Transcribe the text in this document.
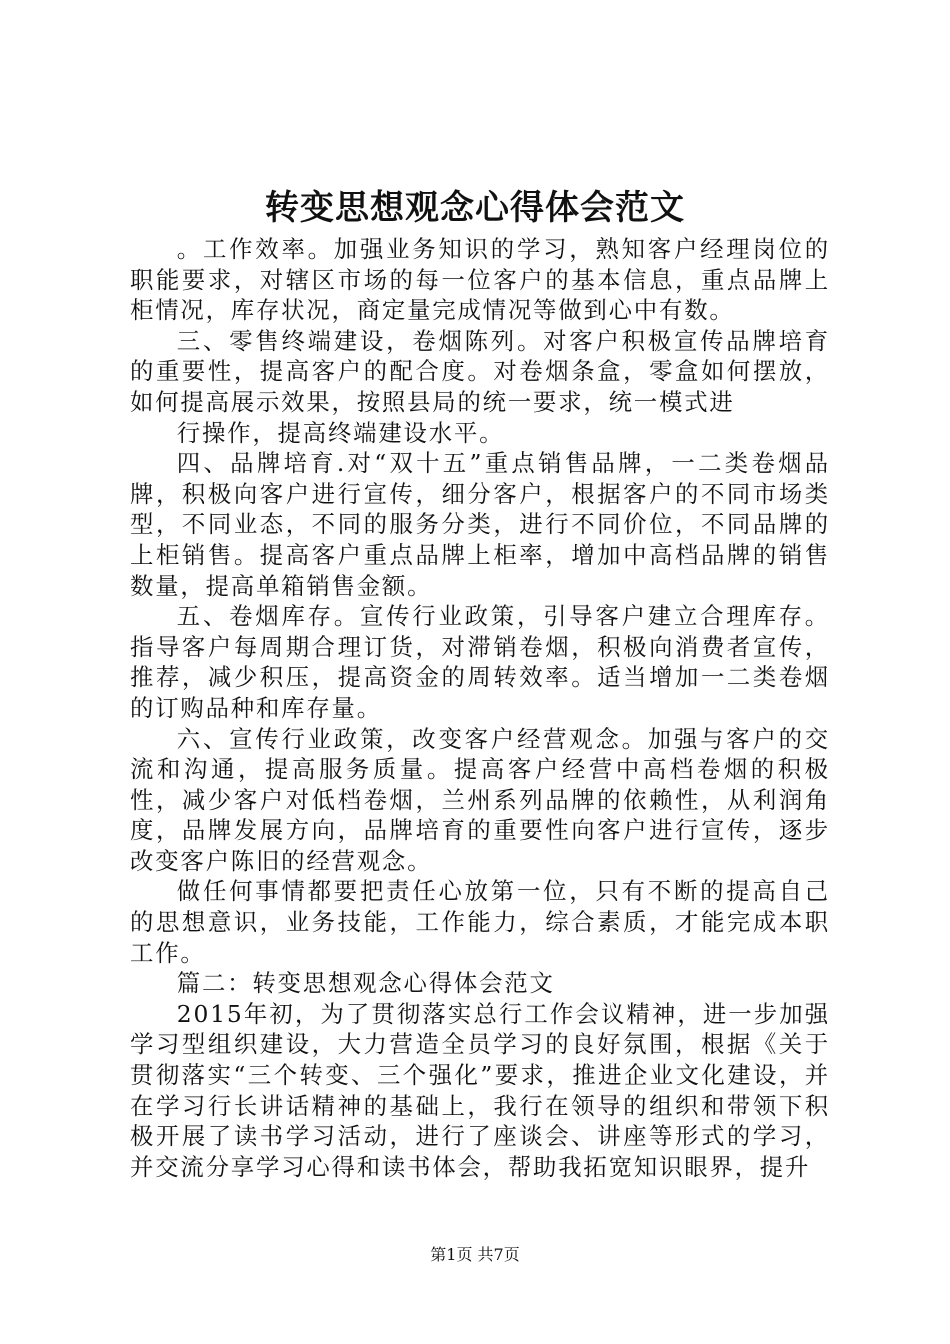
转变思想观念心得体会范文

。工作效率。加强业务知识的学习，熟知客户经理岗位的职能要求，对辖区市场的每一位客户的基本信息，重点品牌上柜情况，库存状况，商定量完成情况等做到心中有数。

三、零售终端建设，卷烟陈列。对客户积极宣传品牌培育的重要性，提高客户的配合度。对卷烟条盒，零盒如何摆放，如何提高展示效果，按照县局的统一要求，统一模式进

行操作，提高终端建设水平。

四、品牌培育.对“双十五”重点销售品牌，一二类卷烟品牌，积极向客户进行宣传，细分客户，根据客户的不同市场类型，不同业态，不同的服务分类，进行不同价位，不同品牌的上柜销售。提高客户重点品牌上柜率，增加中高档品牌的销售数量，提高单箱销售金额。

五、卷烟库存。宣传行业政策，引导客户建立合理库存。指导客户每周期合理订货，对滞销卷烟，积极向消费者宣传，推荐，减少积压，提高资金的周转效率。适当增加一二类卷烟的订购品种和库存量。

六、宣传行业政策，改变客户经营观念。加强与客户的交流和沟通，提高服务质量。提高客户经营中高档卷烟的积极性，减少客户对低档卷烟，兰州系列品牌的依赖性，从利润角度，品牌发展方向，品牌培育的重要性向客户进行宣传，逐步改变客户陈旧的经营观念。

做任何事情都要把责任心放第一位，只有不断的提高自己的思想意识，业务技能，工作能力，综合素质，才能完成本职工作。

篇二：转变思想观念心得体会范文

2015年初，为了贯彻落实总行工作会议精神，进一步加强学习型组织建设，大力营造全员学习的良好氛围，根据《关于贯彻落实“三个转变、三个强化”要求，推进企业文化建设，并在学习行长讲话精神的基础上，我行在领导的组织和带领下积极开展了读书学习活动，进行了座谈会、讲座等形式的学习，并交流分享学习心得和读书体会，帮助我拓宽知识眼界，提升

第1页 共7页
